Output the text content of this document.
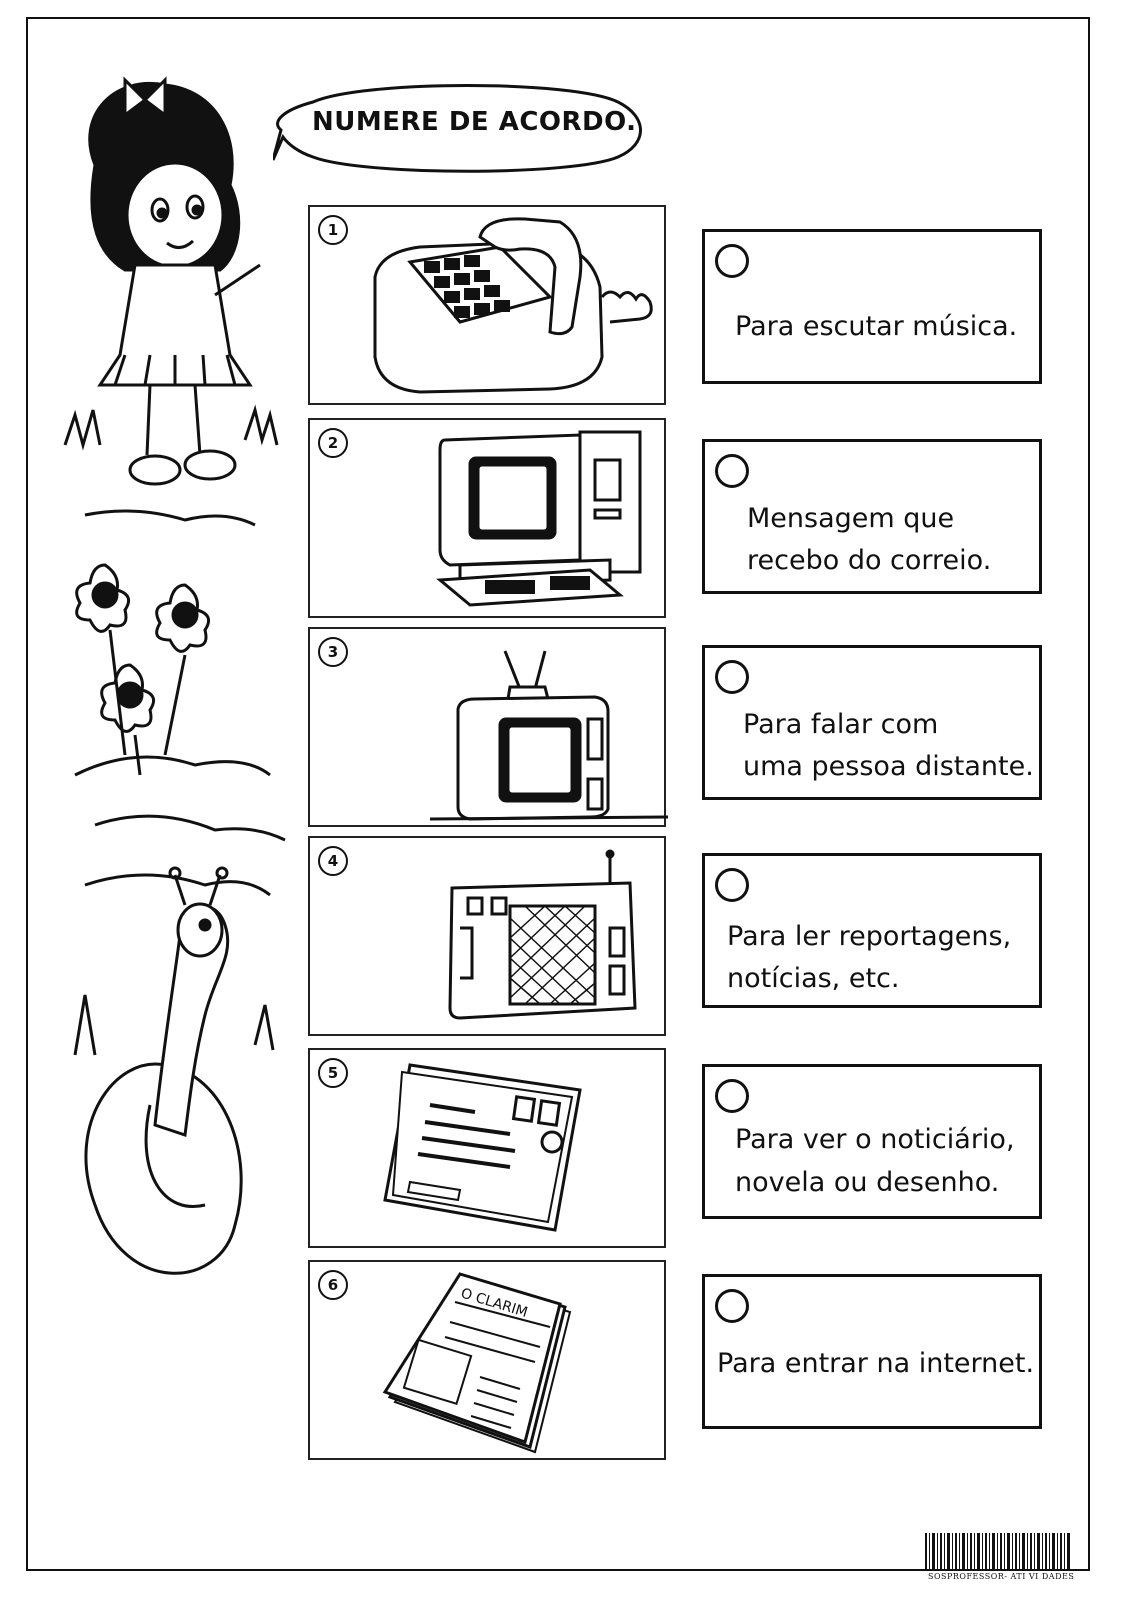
NUMERE DE ACORDO.
1
2
3
4
5
6
O CLARIM
Para escutar música.
Mensagem que
recebo do correio.
Para falar com
uma pessoa distante.
Para ler reportagens,
notícias, etc.
Para ver o noticiário,
novela ou desenho.
Para entrar na internet.
SOSPROFESSOR- ATI VI DADES
